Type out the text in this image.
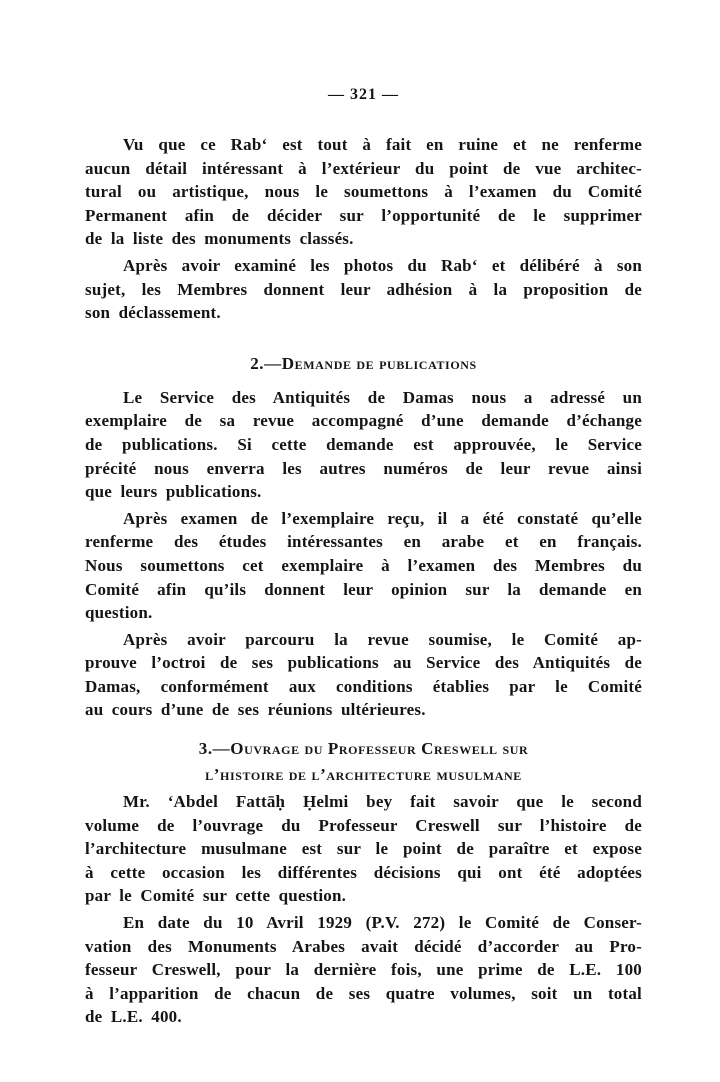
— 321 —
Vu que ce Rab‘ est tout à fait en ruine et ne renferme
aucun détail intéressant à l’extérieur du point de vue architec-
tural ou artistique, nous le soumettons à l’examen du Comité
Permanent afin de décider sur l’opportunité de le supprimer
de la liste des monuments classés.
Après avoir examiné les photos du Rab‘ et délibéré à son
sujet, les Membres donnent leur adhésion à la proposition de
son déclassement.
2.—Demande de publications
Le Service des Antiquités de Damas nous a adressé un
exemplaire de sa revue accompagné d’une demande d’échange
de publications. Si cette demande est approuvée, le Service
précité nous enverra les autres numéros de leur revue ainsi
que leurs publications.
Après examen de l’exemplaire reçu, il a été constaté qu’elle
renferme des études intéressantes en arabe et en français.
Nous soumettons cet exemplaire à l’examen des Membres du
Comité afin qu’ils donnent leur opinion sur la demande en
question.
Après avoir parcouru la revue soumise, le Comité ap-
prouve l’octroi de ses publications au Service des Antiquités de
Damas, conformément aux conditions établies par le Comité
au cours d’une de ses réunions ultérieures.
3.—Ouvrage du Professeur Creswell sur
l’histoire de l’architecture musulmane
Mr. ‘Abdel Fattāḥ Ḥelmi bey fait savoir que le second
volume de l’ouvrage du Professeur Creswell sur l’histoire de
l’architecture musulmane est sur le point de paraître et expose
à cette occasion les différentes décisions qui ont été adoptées
par le Comité sur cette question.
En date du 10 Avril 1929 (P.V. 272) le Comité de Conser-
vation des Monuments Arabes avait décidé d’accorder au Pro-
fesseur Creswell, pour la dernière fois, une prime de L.E. 100
à l’apparition de chacun de ses quatre volumes, soit un total
de L.E. 400.
